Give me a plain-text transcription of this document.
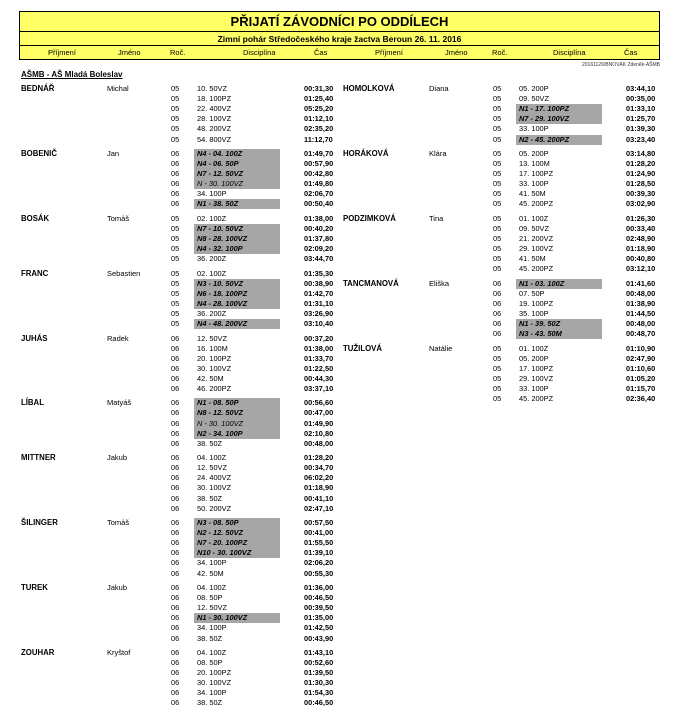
PŘIJATÍ ZÁVODNÍCI PO ODDÍLECH
Zimní pohár Středočeského kraje žactva Beroun 26. 11. 2016
Příjmení	Jméno	Roč.	Disciplína	Čas	Příjmení	Jméno	Roč.	Disciplína	Čas
20161126/BNOVÁK Zdeněk-AŠMB
AŠMB - AŠ Mladá Boleslav
BEDNÁŘ	Michal	05 10. 50VZ	00:31,30
05 18. 100PZ	01:25,40
05 22. 400VZ	05:25,20
05 28. 100VZ	01:12,10
05 48. 200VZ	02:35,20
05 54. 800VZ	11:12,70
BOBENIČ	Jan	06 N4 - 04. 100Z	01:49,70
06 N4 - 06. 50P	00:57,90
06 N7 - 12. 50VZ	00:42,80
06 N - 30. 100VZ	01:49,80
06 34. 100P	02:06,70
06 N1 - 38. 50Z	00:50,40
BOSÁK	Tomáš	05 02. 100Z	01:38,00
05 N7 - 10. 50VZ	00:40,20
05 N8 - 28. 100VZ	01:37,80
05 N4 - 32. 100P	02:09,20
05 36. 200Z	03:44,70
FRANC	Sebastien	05 02. 100Z	01:35,30
05 N3 - 10. 50VZ	00:38,90
05 N6 - 18. 100PZ	01:42,70
05 N4 - 28. 100VZ	01:31,10
05 36. 200Z	03:26,90
05 N4 - 48. 200VZ	03:10,40
JUHÁS	Radek	06 12. 50VZ	00:37,20
06 16. 100M	01:38,00
06 20. 100PZ	01:33,70
06 30. 100VZ	01:22,50
06 42. 50M	00:44,30
06 46. 200PZ	03:37,10
LÍBAL	Matyáš	06 N1 - 08. 50P	00:56,60
06 N8 - 12. 50VZ	00:47,00
06 N - 30. 100VZ	01:49,90
06 N2 - 34. 100P	02:10,80
06 38. 50Z	00:48,00
MITTNER	Jakub	06 04. 100Z	01:28,20
06 12. 50VZ	00:34,70
06 24. 400VZ	06:02,20
06 30. 100VZ	01:18,90
06 38. 50Z	00:41,10
06 50. 200VZ	02:47,10
ŠILINGER	Tomáš	06 N3 - 08. 50P	00:57,50
06 N2 - 12. 50VZ	00:41,00
06 N7 - 20. 100PZ	01:55,50
06 N10 - 30. 100VZ	01:39,10
06 34. 100P	02:06,20
06 42. 50M	00:55,30
TUREK	Jakub	06 04. 100Z	01:36,00
06 08. 50P	00:46,50
06 12. 50VZ	00:39,50
06 N1 - 30. 100VZ	01:35,00
06 34. 100P	01:42,50
06 38. 50Z	00:43,90
ZOUHAR	Kryštof	06 04. 100Z	01:43,10
06 08. 50P	00:52,60
06 20. 100PZ	01:39,50
06 30. 100VZ	01:30,30
06 34. 100P	01:54,30
06 38. 50Z	00:46,50
HOMOLKOVÁ	Diana	05 05. 200P	03:44,10
05 09. 50VZ	00:35,00
05 N1 - 17. 100PZ	01:33,10
05 N7 - 29. 100VZ	01:25,70
05 33. 100P	01:39,30
05 N2 - 45. 200PZ	03:23,40
HORÁKOVÁ	Klára	05 05. 200P	03:14,80
05 13. 100M	01:28,20
05 17. 100PZ	01:24,90
05 33. 100P	01:28,50
05 41. 50M	00:39,30
05 45. 200PZ	03:02,90
PODZIMKOVÁ	Tina	05 01. 100Z	01:26,30
05 09. 50VZ	00:33,40
05 21. 200VZ	02:48,90
05 29. 100VZ	01:18,90
05 41. 50M	00:40,80
05 45. 200PZ	03:12,10
TANCMANOVÁ	Eliška	06 N1 - 03. 100Z	01:41,60
06 07. 50P	00:48,00
06 19. 100PZ	01:38,90
06 35. 100P	01:44,50
06 N1 - 39. 50Z	00:48,00
06 N3 - 43. 50M	00:48,70
TUŽILOVÁ	Natálie	05 01. 100Z	01:10,90
05 05. 200P	02:47,90
05 17. 100PZ	01:10,60
05 29. 100VZ	01:05,20
05 33. 100P	01:15,70
05 45. 200PZ	02:36,40
